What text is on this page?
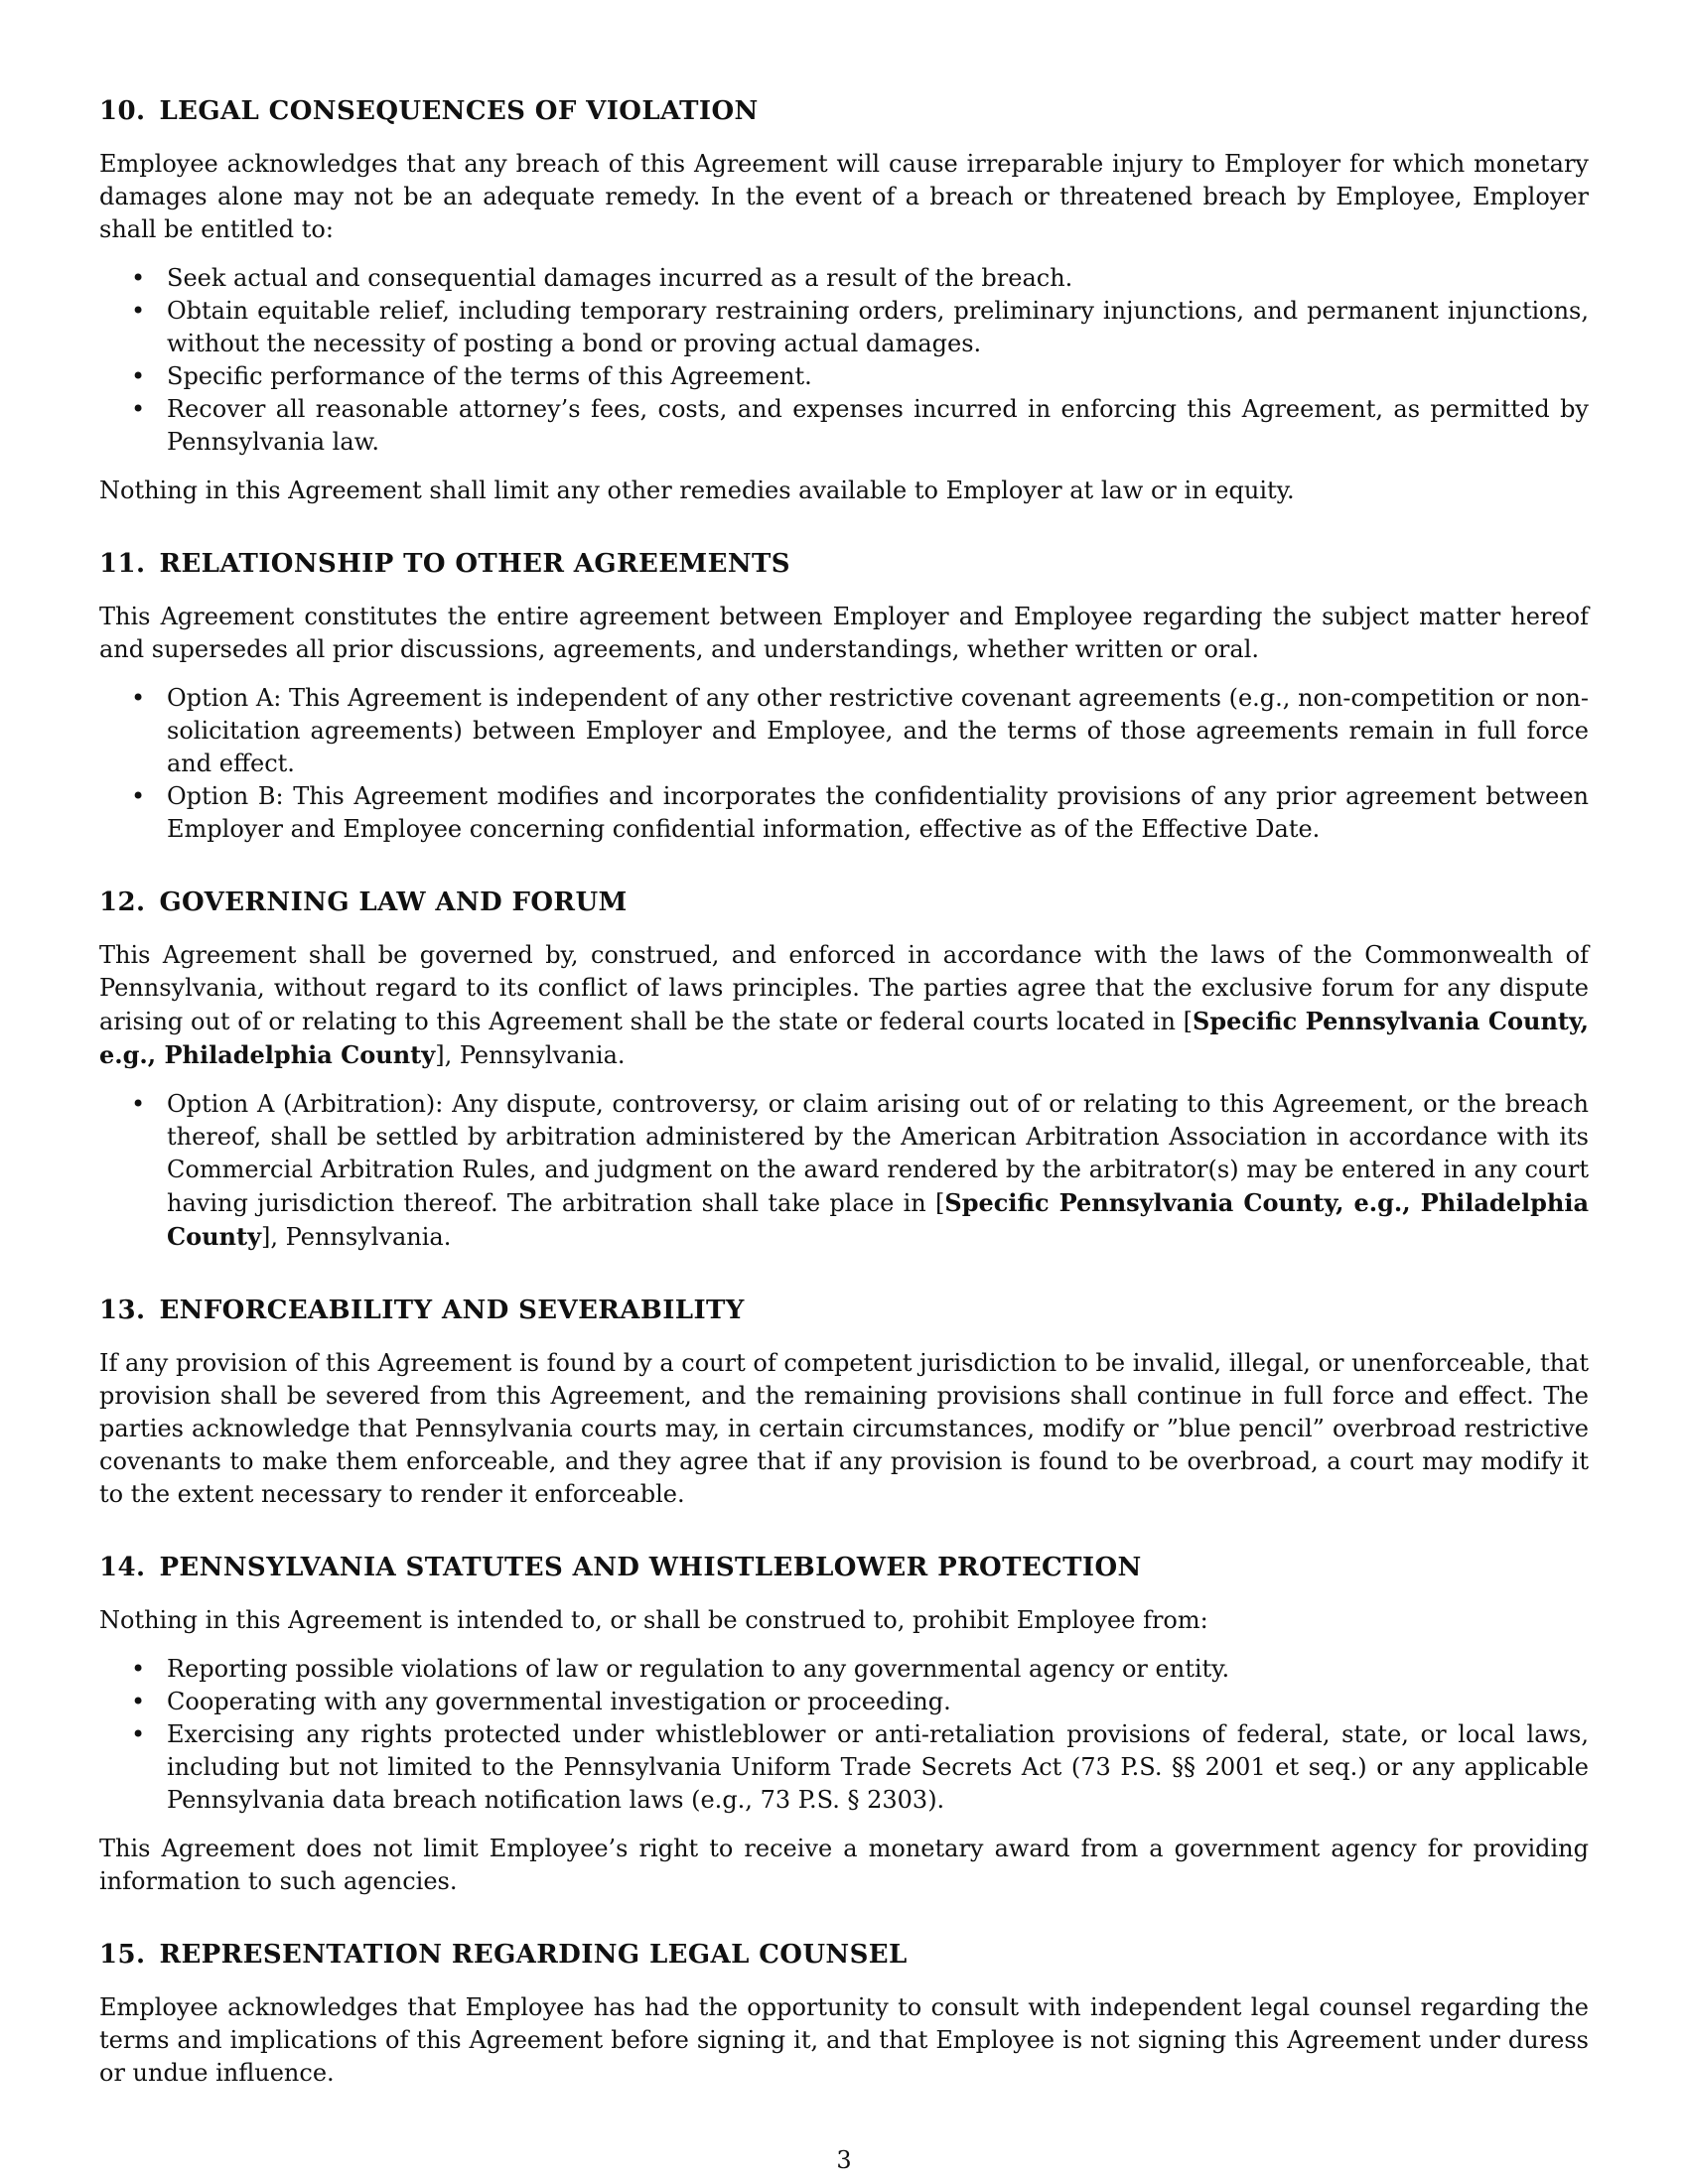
10. LEGAL CONSEQUENCES OF VIOLATION

Employee acknowledges that any breach of this Agreement will cause irreparable injury to Employer for which monetary damages alone may not be an adequate remedy. In the event of a breach or threatened breach by Employee, Employer shall be entitled to:

• Seek actual and consequential damages incurred as a result of the breach.
• Obtain equitable relief, including temporary restraining orders, preliminary injunctions, and permanent injunctions, without the necessity of posting a bond or proving actual damages.
• Specific performance of the terms of this Agreement.
• Recover all reasonable attorney’s fees, costs, and expenses incurred in enforcing this Agreement, as permitted by Pennsylvania law.

Nothing in this Agreement shall limit any other remedies available to Employer at law or in equity.

11. RELATIONSHIP TO OTHER AGREEMENTS

This Agreement constitutes the entire agreement between Employer and Employee regarding the subject matter hereof and supersedes all prior discussions, agreements, and understandings, whether written or oral.

• Option A: This Agreement is independent of any other restrictive covenant agreements (e.g., non-competition or non-solicitation agreements) between Employer and Employee, and the terms of those agreements remain in full force and effect.
• Option B: This Agreement modifies and incorporates the confidentiality provisions of any prior agreement between Employer and Employee concerning confidential information, effective as of the Effective Date.
12. GOVERNING LAW AND FORUM

This Agreement shall be governed by, construed, and enforced in accordance with the laws of the Commonwealth of Pennsylvania, without regard to its conflict of laws principles. The parties agree that the exclusive forum for any dispute arising out of or relating to this Agreement shall be the state or federal courts located in [Specific Pennsylvania County, e.g., Philadelphia County], Pennsylvania.

• Option A (Arbitration): Any dispute, controversy, or claim arising out of or relating to this Agreement, or the breach thereof, shall be settled by arbitration administered by the American Arbitration Association in accordance with its Commercial Arbitration Rules, and judgment on the award rendered by the arbitrator(s) may be entered in any court having jurisdiction thereof. The arbitration shall take place in [Specific Pennsylvania County, e.g., Philadelphia County], Pennsylvania.
13. ENFORCEABILITY AND SEVERABILITY

If any provision of this Agreement is found by a court of competent jurisdiction to be invalid, illegal, or unenforceable, that provision shall be severed from this Agreement, and the remaining provisions shall continue in full force and effect. The parties acknowledge that Pennsylvania courts may, in certain circumstances, modify or ”blue pencil” overbroad restrictive covenants to make them enforceable, and they agree that if any provision is found to be overbroad, a court may modify it to the extent necessary to render it enforceable.

14. PENNSYLVANIA STATUTES AND WHISTLEBLOWER PROTECTION

Nothing in this Agreement is intended to, or shall be construed to, prohibit Employee from:

• Reporting possible violations of law or regulation to any governmental agency or entity.
• Cooperating with any governmental investigation or proceeding.
• Exercising any rights protected under whistleblower or anti-retaliation provisions of federal, state, or local laws, including but not limited to the Pennsylvania Uniform Trade Secrets Act (73 P.S. §§ 2001 et seq.) or any applicable Pennsylvania data breach notification laws (e.g., 73 P.S. § 2303).

This Agreement does not limit Employee’s right to receive a monetary award from a government agency for providing information to such agencies.

15. REPRESENTATION REGARDING LEGAL COUNSEL

Employee acknowledges that Employee has had the opportunity to consult with independent legal counsel regarding the terms and implications of this Agreement before signing it, and that Employee is not signing this Agreement under duress or undue influence.

3
